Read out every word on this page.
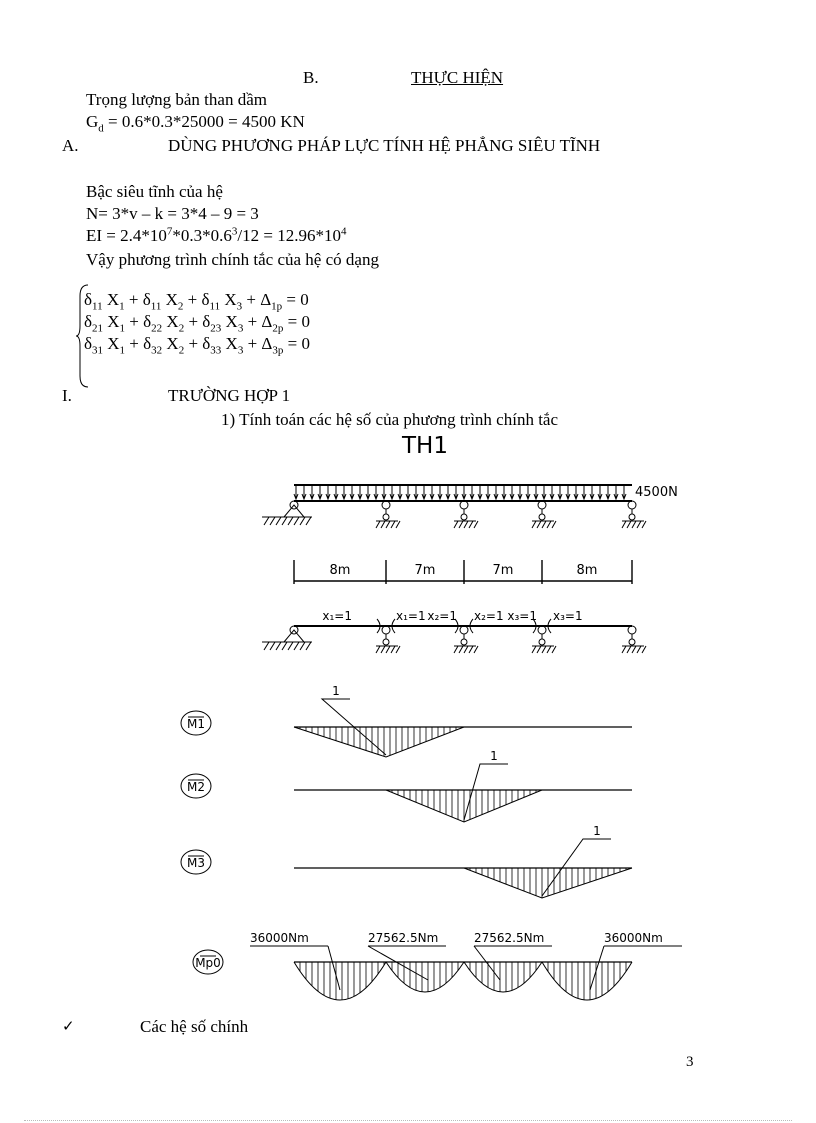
B.	THỰC HIỆN
Trọng lượng bản than dầm
$G_d = 0.6*0.3*25000 = 4500$ KN
A.	DÙNG PHƯƠNG PHÁP LỰC TÍNH HỆ PHẲNG SIÊU TĨNH
Bậc siêu tĩnh của hệ
N= 3*v – k = 3*4 – 9 = 3
EI = $2.4*10^7*0.3*0.6^3/12 = 12.96*10^4$
Vậy phương trình chính tắc của hệ có dạng
$\delta_{11}$ $X_1 + \delta_{11}$ $X_2 + \delta_{11}$ $X_3 + \Delta_{1p} = 0$
$\delta_{21}$ $X_1 + \delta_{22}$ $X_2 + \delta_{23}$ $X_3 + \Delta_{2p} = 0$
$\delta_{31}$ $X_1 + \delta_{32}$ $X_2 + \delta_{33}$ $X_3 + \Delta_{3p} = 0$
I.	TRƯỜNG HỢP 1
1) Tính toán các hệ số của phương trình chính tắc
TH1
4500N
8m	7m	7m	8m
x₁=1	x₁=1 x₂=1 x₂=1 x₃=1 x₃=1
M1
1
M2
1
M3
1
Mp0
36000Nm	27562.5Nm	27562.5Nm	36000Nm
✓	Các hệ số chính
3
